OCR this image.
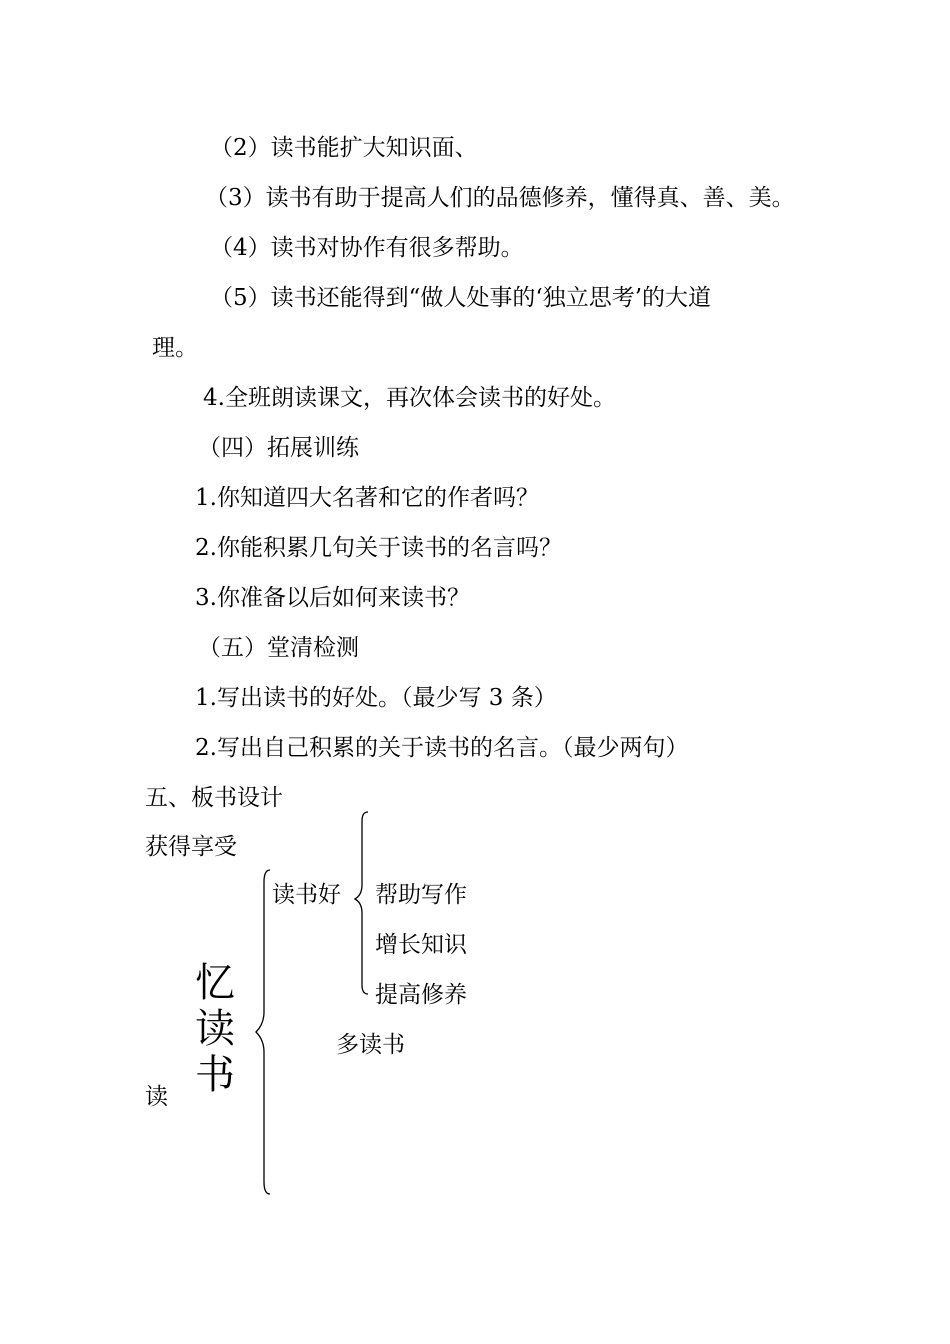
（2）读书能扩大知识面、
（3）读书有助于提高人们的品德修养，懂得真、善、美。
（4）读书对协作有很多帮助。
（5）读书还能得到“做人处事的‘独立思考’的大道
理。
4.全班朗读课文，再次体会读书的好处。
（四）拓展训练
1.你知道四大名著和它的作者吗？
2.你能积累几句关于读书的名言吗？
3.你准备以后如何来读书？
（五）堂清检测
1.写出读书的好处。（最少写 3 条）
2.写出自己积累的关于读书的名言。（最少两句）
五、板书设计
获得享受
忆
读
书
读
读书好 帮助写作
增长知识
提高修养
多读书
